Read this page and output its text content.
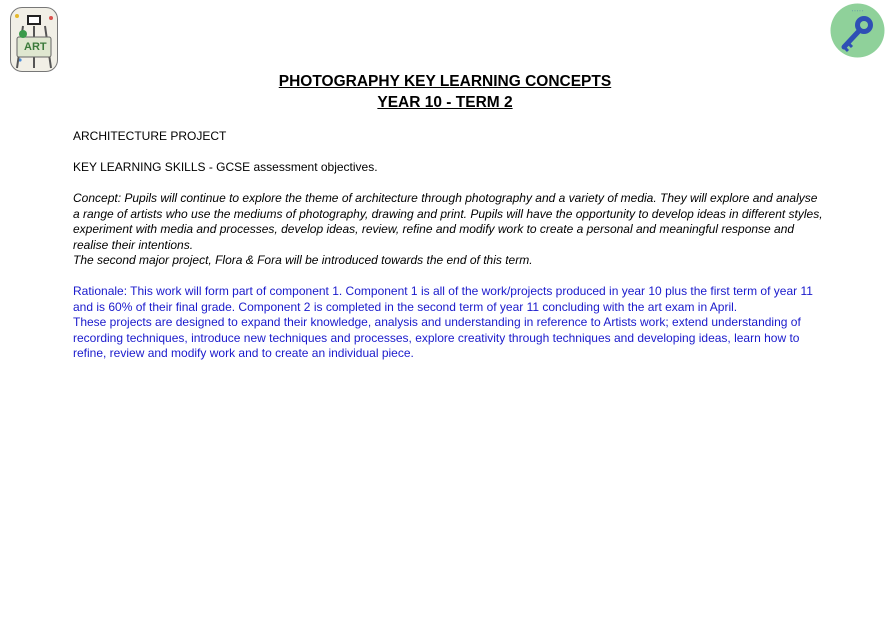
ART
◦ ◦ ◦ ◦ ◦
PHOTOGRAPHY KEY LEARNING CONCEPTS
YEAR 10 - TERM 2
ARCHITECTURE PROJECT
KEY LEARNING SKILLS - GCSE assessment objectives.

Concept: Pupils will continue to explore the theme of architecture through photography and a variety of media. They will explore and analyse a range of artists who use the mediums of photography, drawing and print. Pupils will have the opportunity to develop ideas in different styles, experiment with media and processes, develop ideas, review, refine and modify work to create a personal and meaningful response and realise their intentions.

The second major project, Flora & Fora will be introduced towards the end of this term.

Rationale: This work will form part of component 1. Component 1 is all of the work/projects produced in year 10 plus the first term of year 11 and is 60% of their final grade. Component 2 is completed in the second term of year 11 concluding with the art exam in April.

These projects are designed to expand their knowledge, analysis and understanding in reference to Artists work; extend understanding of recording techniques, introduce new techniques and processes, explore creativity through techniques and developing ideas, learn how to refine, review and modify work and to create an individual piece.
